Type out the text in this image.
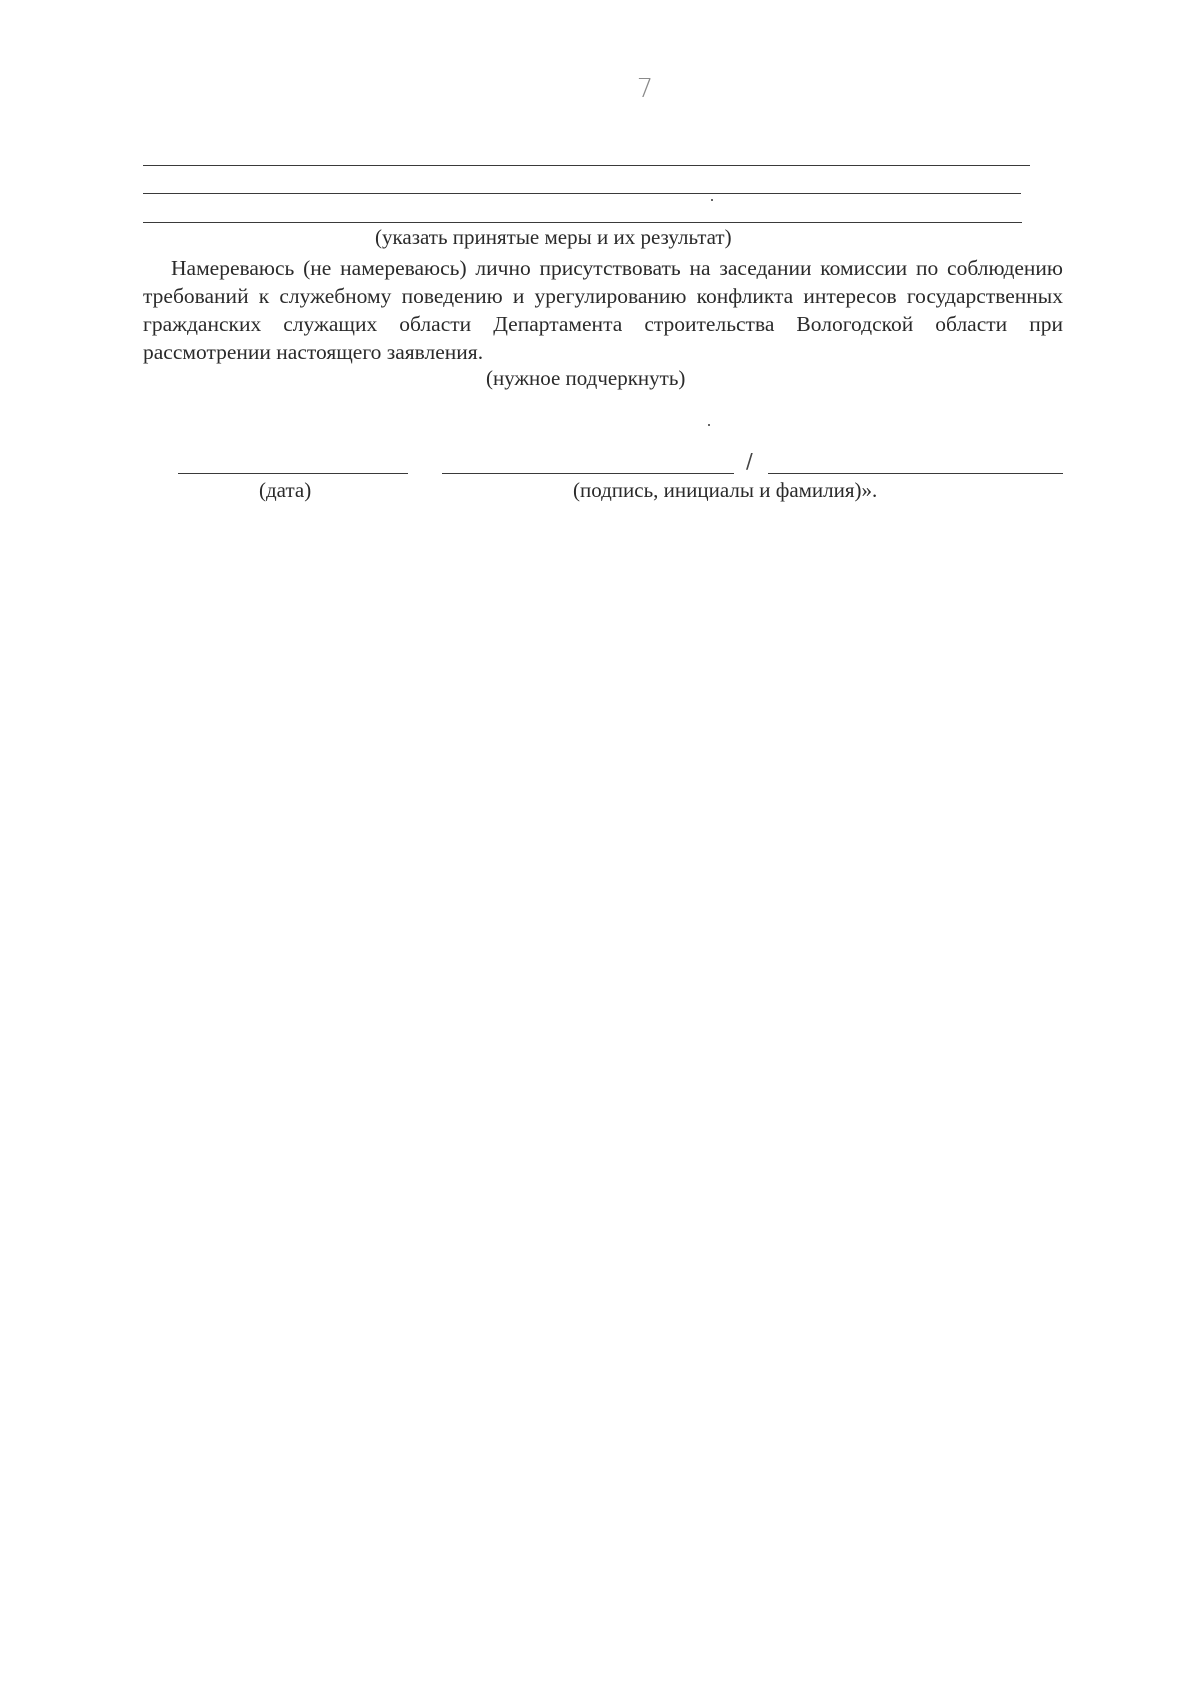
7
(указать принятые меры и их результат)
Намереваюсь (не намереваюсь) лично присутствовать на заседании комиссии по соблюдению требований к служебному поведению и урегулированию конфликта интересов государственных гражданских служащих области Департамента строительства Вологодской области при рассмотрении настоящего заявления.
(нужное подчеркнуть)
/
(дата)	(подпись, инициалы и фамилия)».
